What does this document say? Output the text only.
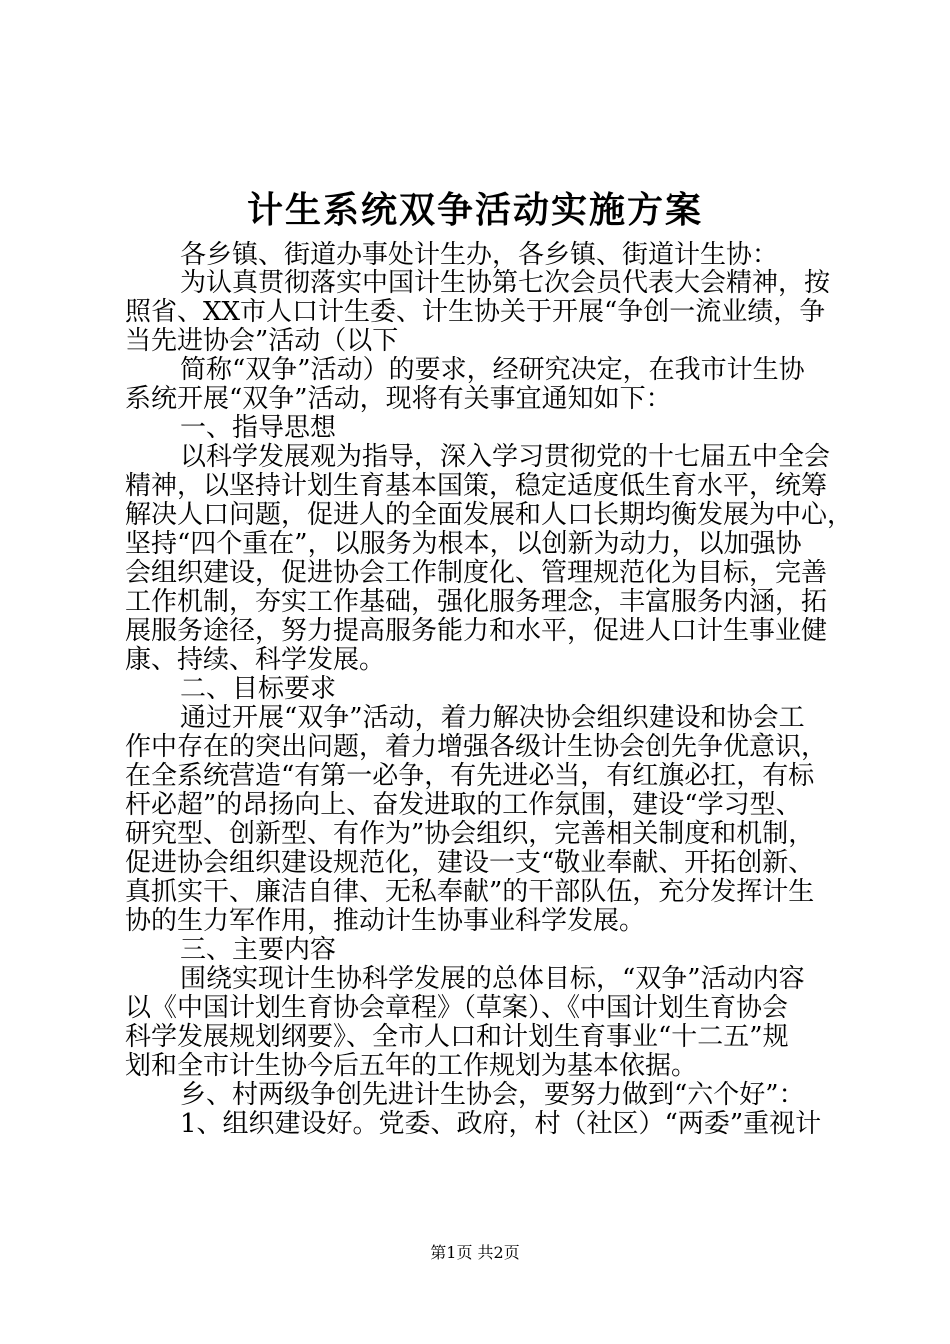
计生系统双争活动实施方案
各乡镇、街道办事处计生办，各乡镇、街道计生协：
为认真贯彻落实中国计生协第七次会员代表大会精神，按
照省、XX市人口计生委、计生协关于开展“争创一流业绩，争
当先进协会”活动（以下
简称“双争”活动）的要求，经研究决定，在我市计生协
系统开展“双争”活动，现将有关事宜通知如下：
一、指导思想
以科学发展观为指导，深入学习贯彻党的十七届五中全会
精神，以坚持计划生育基本国策，稳定适度低生育水平，统筹
解决人口问题，促进人的全面发展和人口长期均衡发展为中心，
坚持“四个重在”，以服务为根本，以创新为动力，以加强协
会组织建设，促进协会工作制度化、管理规范化为目标，完善
工作机制，夯实工作基础，强化服务理念，丰富服务内涵，拓
展服务途径，努力提高服务能力和水平，促进人口计生事业健
康、持续、科学发展。
二、目标要求
通过开展“双争”活动，着力解决协会组织建设和协会工
作中存在的突出问题，着力增强各级计生协会创先争优意识，
在全系统营造“有第一必争，有先进必当，有红旗必扛，有标
杆必超”的昂扬向上、奋发进取的工作氛围，建设“学习型、
研究型、创新型、有作为”协会组织，完善相关制度和机制，
促进协会组织建设规范化，建设一支“敬业奉献、开拓创新、
真抓实干、廉洁自律、无私奉献”的干部队伍，充分发挥计生
协的生力军作用，推动计生协事业科学发展。
三、主要内容
围绕实现计生协科学发展的总体目标，“双争”活动内容
以《中国计划生育协会章程》（草案）、《中国计划生育协会
科学发展规划纲要》、全市人口和计划生育事业“十二五”规
划和全市计生协今后五年的工作规划为基本依据。
乡、村两级争创先进计生协会，要努力做到“六个好”：
1、组织建设好。党委、政府，村（社区）“两委”重视计
第1页 共2页
